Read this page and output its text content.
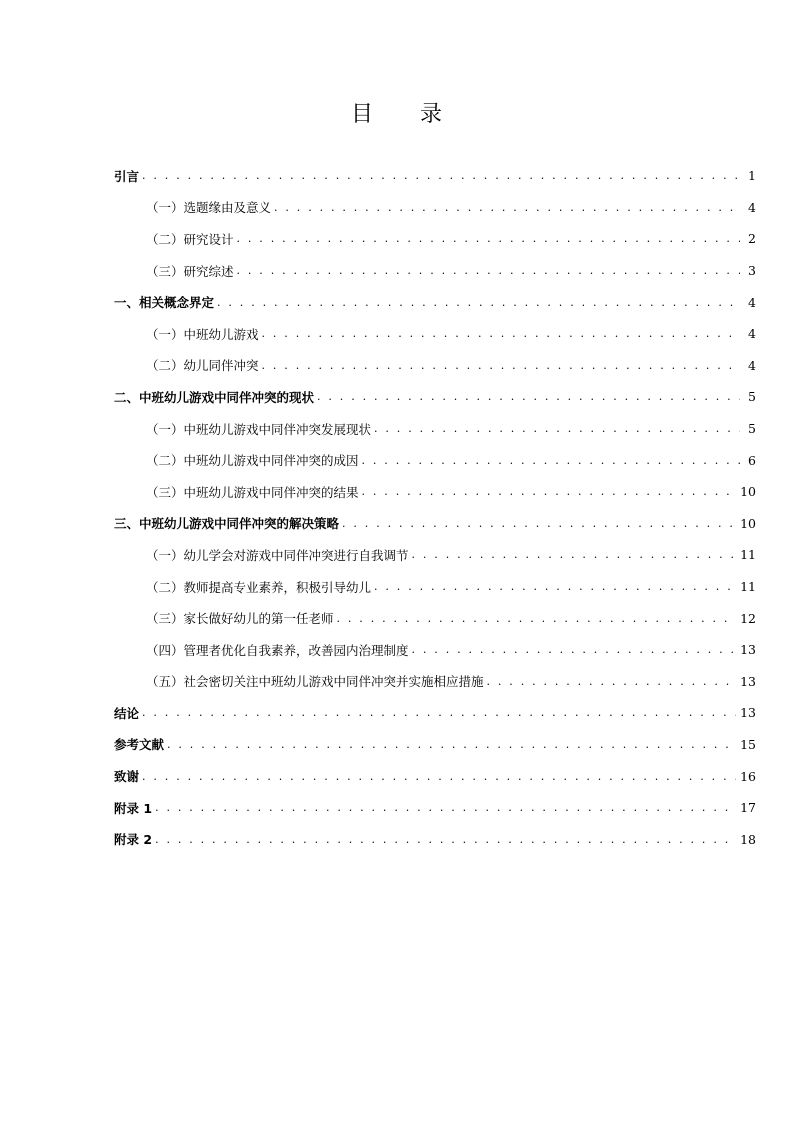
目 录
引言 . . .	1
（一）选题缘由及意义 . . .	4
（二）研究设计 . . .	2
（三）研究综述 . . .	3
一、相关概念界定 . . .	4
（一）中班幼儿游戏 . . .	4
（二）幼儿同伴冲突 . . .	4
二、中班幼儿游戏中同伴冲突的现状 . . .	5
（一）中班幼儿游戏中同伴冲突发展现状 . . .	5
（二）中班幼儿游戏中同伴冲突的成因 . . .	6
（三）中班幼儿游戏中同伴冲突的结果 . . .	10
三、中班幼儿游戏中同伴冲突的解决策略 . . .	10
（一）幼儿学会对游戏中同伴冲突进行自我调节 . . .	11
（二）教师提高专业素养，积极引导幼儿 . . .	11
（三）家长做好幼儿的第一任老师 . . .	12
（四）管理者优化自我素养，改善园内治理制度 . . .	13
（五）社会密切关注中班幼儿游戏中同伴冲突并实施相应措施 . . .	13
结论 . . .	13
参考文献 . . .	15
致谢 . . .	16
附录 1 . . .	17
附录 2 . . .	18
